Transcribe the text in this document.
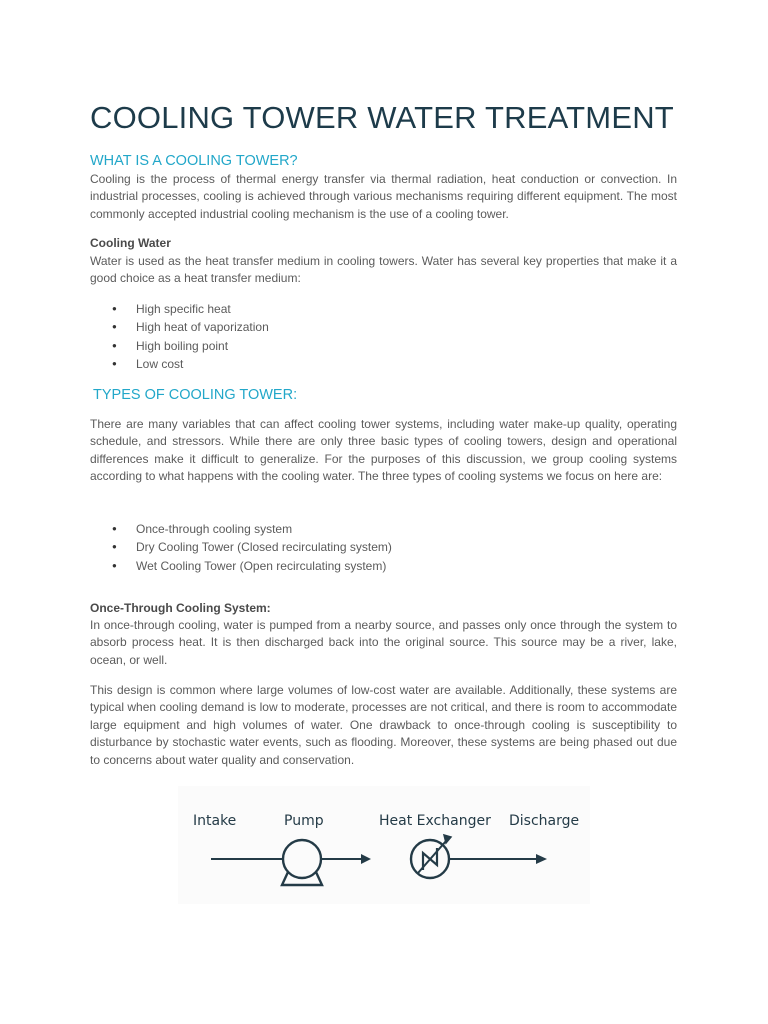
COOLING TOWER WATER TREATMENT
WHAT IS A COOLING TOWER?

Cooling is the process of thermal energy transfer via thermal radiation, heat conduction or convection. In industrial processes, cooling is achieved through various mechanisms requiring different equipment. The most commonly accepted industrial cooling mechanism is the use of a cooling tower.

Cooling Water

Water is used as the heat transfer medium in cooling towers. Water has several key properties that make it a good choice as a heat transfer medium:

● High specific heat
● High heat of vaporization
● High boiling point
● Low cost
TYPES OF COOLING TOWER:

There are many variables that can affect cooling tower systems, including water make-up quality, operating schedule, and stressors. While there are only three basic types of cooling towers, design and operational differences make it difficult to generalize. For the purposes of this discussion, we group cooling systems according to what happens with the cooling water. The three types of cooling systems we focus on here are:

● Once-through cooling system
● Dry Cooling Tower (Closed recirculating system)
● Wet Cooling Tower (Open recirculating system)
Once-Through Cooling System:

In once-through cooling, water is pumped from a nearby source, and passes only once through the system to absorb process heat. It is then discharged back into the original source. This source may be a river, lake, ocean, or well.

This design is common where large volumes of low-cost water are available. Additionally, these systems are typical when cooling demand is low to moderate, processes are not critical, and there is room to accommodate large equipment and high volumes of water. One drawback to once-through cooling is susceptibility to disturbance by stochastic water events, such as flooding. Moreover, these systems are being phased out due to concerns about water quality and conservation.

Intake	Pump	Heat Exchanger Discharge
